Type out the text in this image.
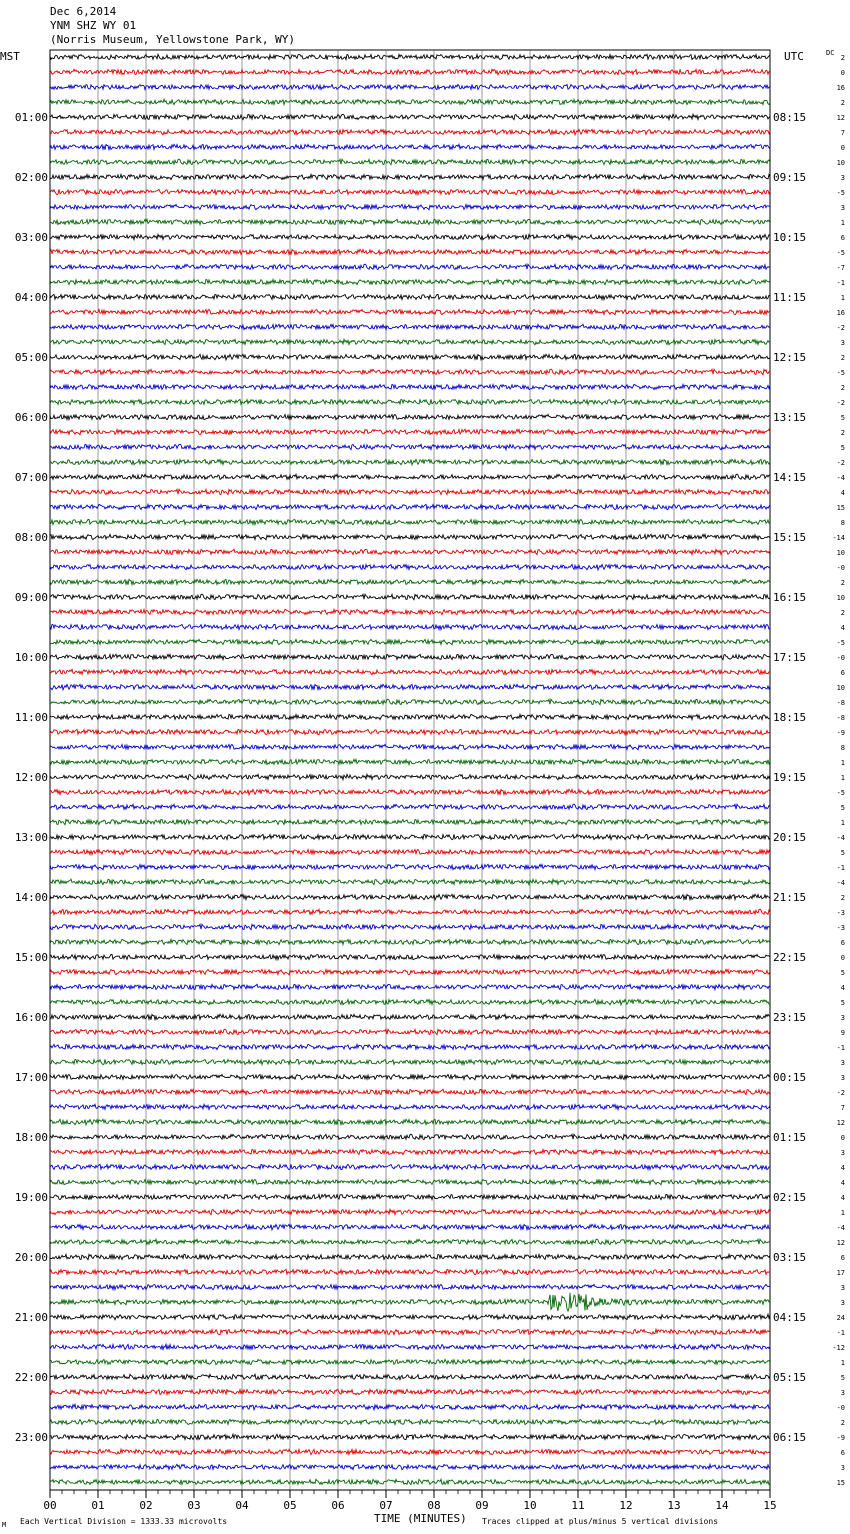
Dec 6,2014
YNM SHZ WY 01
(Norris Museum, Yellowstone Park, WY)
MST	UTC	DC
2
0
16
2
12
7
0
10
3
-5
3
1
6
-5
-7
-1
1
16
-2
3
2
-5
2
-2
5
2
5
-2
-4
4
15
8
-14
10
-0
2
10
2
4
-5
-0
6
10
-8
-8
-9
8
1
1
-5
5
1
-4
5
-1
-4
2
-3
-3
6
0
5
4
5
3
9
-1
3
3
-2
7
12
0
3
4
4
4
1
-4
12
6
17
3
3
24
-1
-12
1
5
3
-0
2
-9
6
3
15
01:00
02:00
03:00
04:00
05:00
06:00
07:00
08:00
09:00
10:00
11:00
12:00
13:00
14:00
15:00
16:00
17:00
18:00
19:00
20:00
21:00
22:00
23:00
08:15
09:15
10:15
11:15
12:15
13:15
14:15
15:15
16:15
17:15
18:15
19:15
20:15
21:15
22:15
23:15
00:15
01:15
02:15
03:15
04:15
05:15
06:15
00	01	02	03	04	05	06	07	08	09	10	11	12	13	14	15
M Each Vertical Division = 1333.33 microvolts	TIME (MINUTES) Traces clipped at plus/minus 5 vertical divisions
